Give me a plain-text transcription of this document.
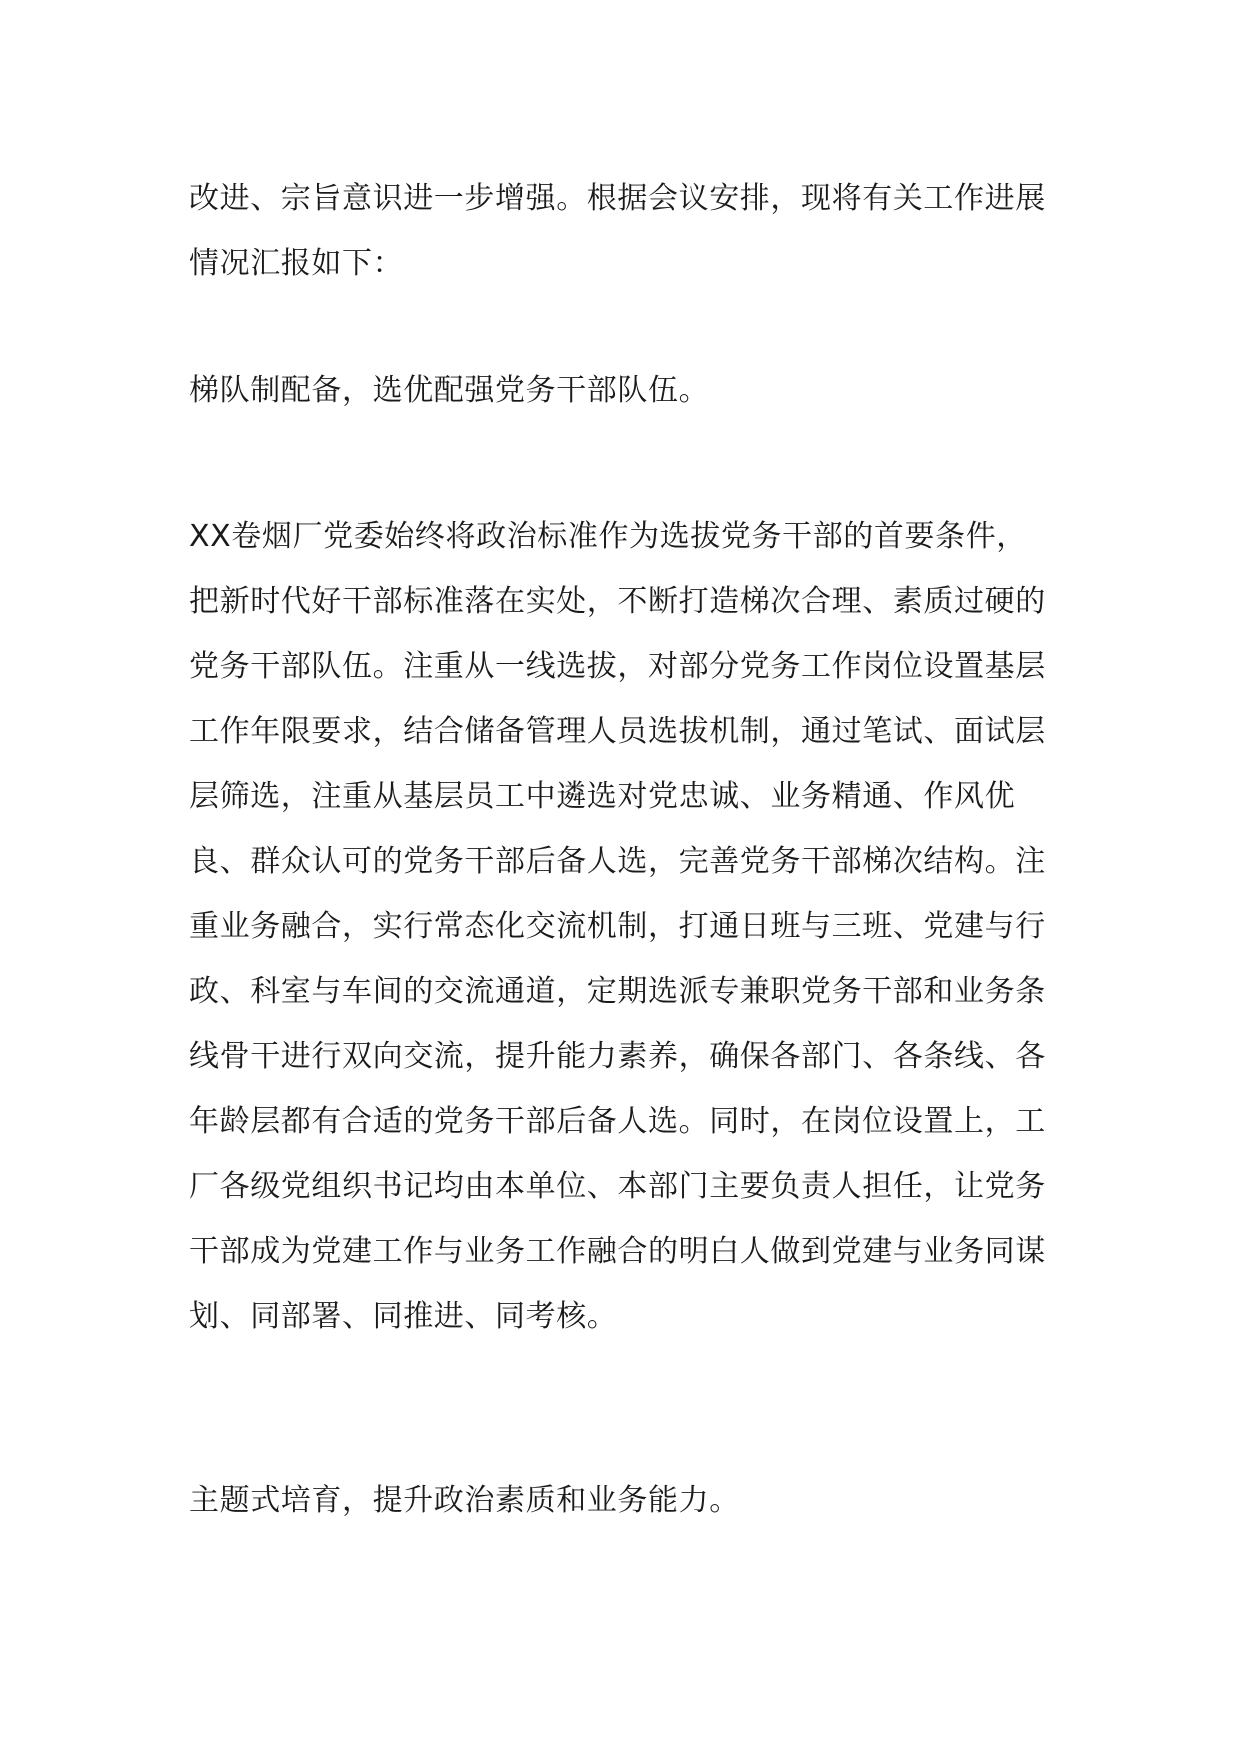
改进、宗旨意识进一步增强。根据会议安排，现将有关工作进展情况汇报如下：

梯队制配备，选优配强党务干部队伍。

XX卷烟厂党委始终将政治标准作为选拔党务干部的首要条件，把新时代好干部标准落在实处，不断打造梯次合理、素质过硬的党务干部队伍。注重从一线选拔，对部分党务工作岗位设置基层工作年限要求，结合储备管理人员选拔机制，通过笔试、面试层层筛选，注重从基层员工中遴选对党忠诚、业务精通、作风优良、群众认可的党务干部后备人选，完善党务干部梯次结构。注重业务融合，实行常态化交流机制，打通日班与三班、党建与行政、科室与车间的交流通道，定期选派专兼职党务干部和业务条线骨干进行双向交流，提升能力素养，确保各部门、各条线、各年龄层都有合适的党务干部后备人选。同时，在岗位设置上，工厂各级党组织书记均由本单位、本部门主要负责人担任，让党务干部成为党建工作与业务工作融合的明白人做到党建与业务同谋划、同部署、同推进、同考核。

主题式培育，提升政治素质和业务能力。
